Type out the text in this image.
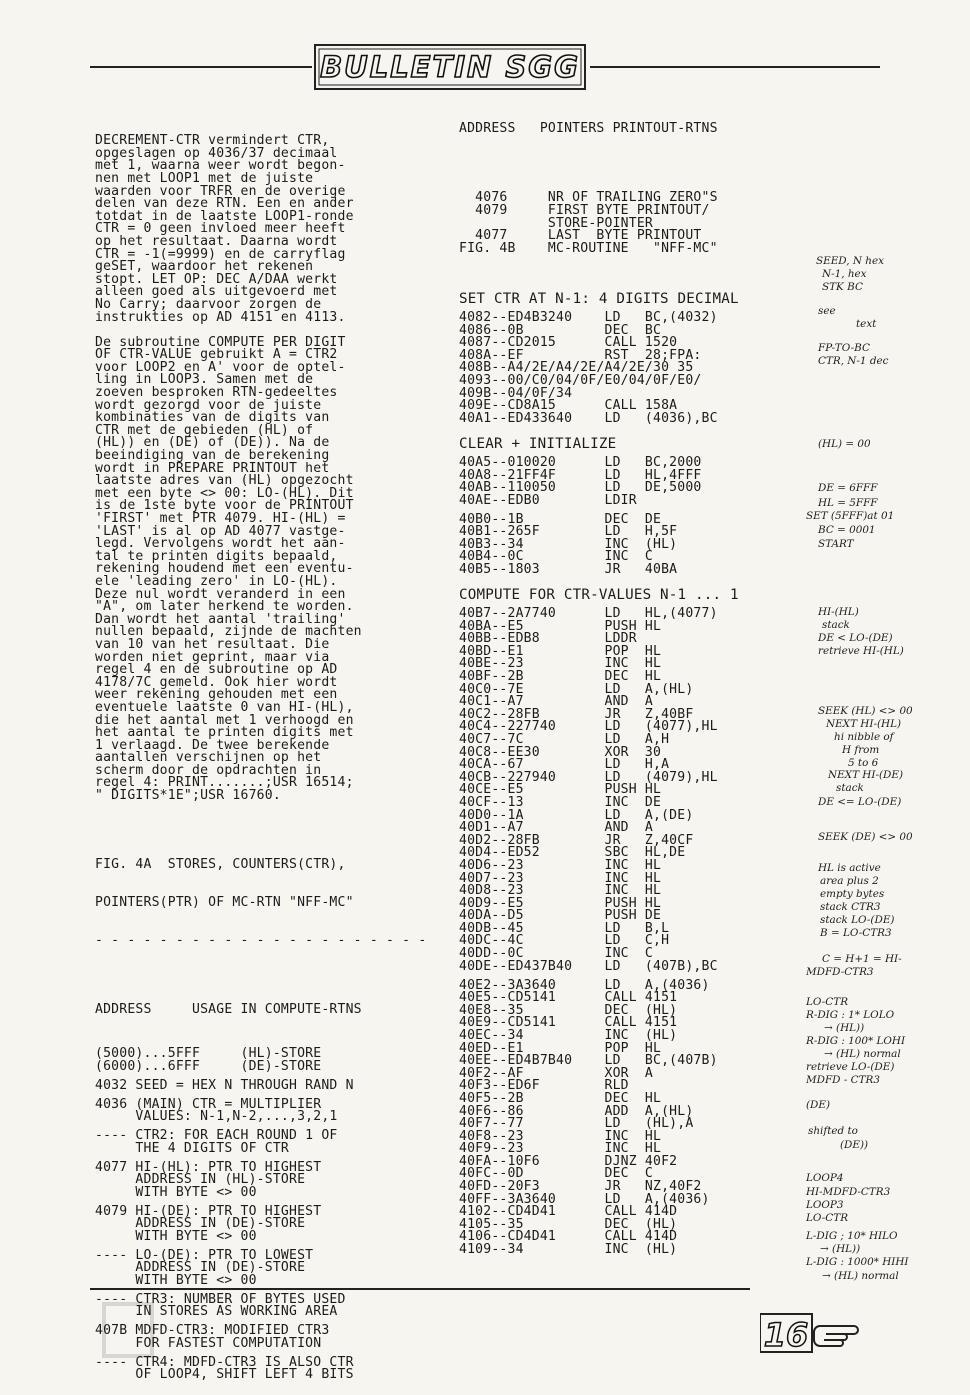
BULLETIN SGG

DECREMENT-CTR vermindert CTR,
opgeslagen op 4036/37 decimaal
met 1, waarna weer wordt begon-
nen met LOOP1 met de juiste
waarden voor TRFR en de overige
delen van deze RTN. Een en ander
totdat in de laatste LOOP1-ronde
CTR = 0 geen invloed meer heeft
op het resultaat. Daarna wordt
CTR = -1(=9999) en de carryflag
geSET, waardoor het rekenen
stopt. LET OP: DEC A/DAA werkt
alleen goed als uitgevoerd met
No Carry; daarvoor zorgen de
instrukties op AD 4151 en 4113.
De subroutine COMPUTE PER DIGIT
OF CTR-VALUE gebruikt A = CTR2
voor LOOP2 en A' voor de optel-
ling in LOOP3. Samen met de
zoeven besproken RTN-gedeeltes
wordt gezorgd voor de juiste
kombinaties van de digits van
CTR met de gebieden (HL) of
(HL)) en (DE) of (DE)). Na de
beeindiging van de berekening
wordt in PREPARE PRINTOUT het
laatste adres van (HL) opgezocht
met een byte <> 00: LO-(HL). Dit
is de 1ste byte voor de PRINTOUT
'FIRST' met PTR 4079. HI-(HL) =
'LAST' is al op AD 4077 vastge-
legd. Vervolgens wordt het aan-
tal te printen digits bepaald,
rekening houdend met een eventu-
ele 'leading zero' in LO-(HL).
Deze nul wordt veranderd in een
"A", om later herkend te worden.
Dan wordt het aantal 'trailing'
nullen bepaald, zijnde de machten
van 10 van het resultaat. Die
worden niet geprint, maar via
regel 4 en de subroutine op AD
4178/7C gemeld. Ook hier wordt
weer rekening gehouden met een
eventuele laatste 0 van HI-(HL),
die het aantal met 1 verhoogd en
het aantal te printen digits met
1 verlaagd. De twee berekende
aantallen verschijnen op het
scherm door de opdrachten in
regel 4: PRINT.......;USR 16514;
" DIGITS*1E";USR 16760.

FIG. 4A  STORES, COUNTERS(CTR),

POINTERS(PTR) OF MC-RTN "NFF-MC"

- - - - - - - - - - - - - - - - - - - - -

ADDRESS     USAGE IN COMPUTE-RTNS

(5000)...5FFF     (HL)-STORE
(6000)...6FFF     (DE)-STORE
4032 SEED = HEX N THROUGH RAND N
4036 (MAIN) CTR = MULTIPLIER
VALUES: N-1,N-2,...,3,2,1
---- CTR2: FOR EACH ROUND 1 OF
THE 4 DIGITS OF CTR
4077 HI-(HL): PTR TO HIGHEST
ADDRESS IN (HL)-STORE
WITH BYTE <> 00
4079 HI-(DE): PTR TO HIGHEST
ADDRESS IN (DE)-STORE
WITH BYTE <> 00
---- LO-(DE): PTR TO LOWEST
ADDRESS IN (DE)-STORE
WITH BYTE <> 00
---- CTR3: NUMBER OF BYTES USED
IN STORES AS WORKING AREA
407B MDFD-CTR3: MODIFIED CTR3
FOR FASTEST COMPUTATION
---- CTR4: MDFD-CTR3 IS ALSO CTR
OF LOOP4, SHIFT LEFT 4 BITS

ADDRESS   POINTERS PRINTOUT-RTNS

4076     NR OF TRAILING ZERO"S
4079     FIRST BYTE PRINTOUT/
STORE-POINTER
4077     LAST  BYTE PRINTOUT
FIG. 4B    MC-ROUTINE   "NFF-MC"

SET CTR AT N-1: 4 DIGITS DECIMAL
4082--ED4B3240    LD   BC,(4032)
4086--0B          DEC  BC
4087--CD2015      CALL 1520
408A--EF          RST  28;FPA:
408B--A4/2E/A4/2E/A4/2E/30 35
4093--00/C0/04/0F/E0/04/0F/E0/
409B--04/0F/34
409E--CD8A15      CALL 158A
40A1--ED433640    LD   (4036),BC
CLEAR + INITIALIZE
40A5--010020      LD   BC,2000
40A8--21FF4F      LD   HL,4FFF
40AB--110050      LD   DE,5000
40AE--EDB0        LDIR
40B0--1B          DEC  DE
40B1--265F        LD   H,5F
40B3--34          INC  (HL)
40B4--0C          INC  C
40B5--1803        JR   40BA
COMPUTE FOR CTR-VALUES N-1 ... 1
40B7--2A7740      LD   HL,(4077)
40BA--E5          PUSH HL
40BB--EDB8        LDDR
40BD--E1          POP  HL
40BE--23          INC  HL
40BF--2B          DEC  HL
40C0--7E          LD   A,(HL)
40C1--A7          AND  A
40C2--28FB        JR   Z,40BF
40C4--227740      LD   (4077),HL
40C7--7C          LD   A,H
40C8--EE30        XOR  30
40CA--67          LD   H,A
40CB--227940      LD   (4079),HL
40CE--E5          PUSH HL
40CF--13          INC  DE
40D0--1A          LD   A,(DE)
40D1--A7          AND  A
40D2--28FB        JR   Z,40CF
40D4--ED52        SBC  HL,DE
40D6--23          INC  HL
40D7--23          INC  HL
40D8--23          INC  HL
40D9--E5          PUSH HL
40DA--D5          PUSH DE
40DB--45          LD   B,L
40DC--4C          LD   C,H
40DD--0C          INC  C
40DE--ED437B40    LD   (407B),BC
40E2--3A3640      LD   A,(4036)
40E5--CD5141      CALL 4151
40E8--35          DEC  (HL)
40E9--CD5141      CALL 4151
40EC--34          INC  (HL)
40ED--E1          POP  HL
40EE--ED4B7B40    LD   BC,(407B)
40F2--AF          XOR  A
40F3--ED6F        RLD
40F5--2B          DEC  HL
40F6--86          ADD  A,(HL)
40F7--77          LD   (HL),A
40F8--23          INC  HL
40F9--23          INC  HL
40FA--10F6        DJNZ 40F2
40FC--0D          DEC  C
40FD--20F3        JR   NZ,40F2
40FF--3A3640      LD   A,(4036)
4102--CD4D41      CALL 414D
4105--35          DEC  (HL)
4106--CD4D41      CALL 414D
4109--34          INC  (HL)

SEED, N hex
N-1, hex
STK BC
see
text
FP-TO-BC
CTR, N-1 dec
(HL) = 00
DE = 6FFF
HL = 5FFF
SET (5FFF)at 01
BC = 0001
START
HI-(HL)
stack
DE < LO-(DE)
retrieve HI-(HL)
SEEK (HL) <> 00
NEXT HI-(HL)
hi nibble of
H from
5 to 6
NEXT HI-(DE)
stack
DE <= LO-(DE)
SEEK (DE) <> 00
HL is active
area plus 2
empty bytes
stack CTR3
stack LO-(DE)
B = LO-CTR3
C = H+1 = HI-
MDFD-CTR3
LO-CTR
R-DIG : 1* LOLO
→ (HL))
R-DIG : 100* LOHI
→ (HL) normal
retrieve LO-(DE)
MDFD - CTR3
(DE)
shifted to
(DE))
LOOP4
HI-MDFD-CTR3
LOOP3
LO-CTR
L-DIG ; 10* HILO
→ (HL))
L-DIG : 1000* HIHI
→ (HL) normal
16
